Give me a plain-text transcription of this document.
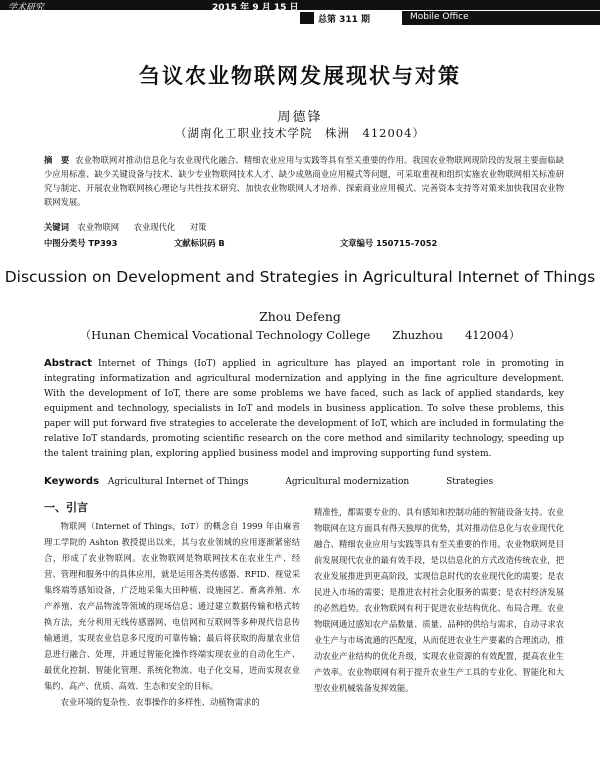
学术研究	2015 年 9 月 15 日
总第 311 期	Mobile Office
刍议农业物联网发展现状与对策
周德锋
（湖南化工职业技术学院　株洲　412004）
摘　要 农业物联网对推动信息化与农业现代化融合、精细农业应用与实践等具有至关重要的作用。我国农业物联网现阶段的发展主要面临缺少应用标准、缺少关键设备与技术、缺少专业物联网技术人才、缺少成熟商业应用模式等问题，可采取重视和组织实施农业物联网相关标准研究与制定、开展农业物联网核心理论与共性技术研究、加快农业物联网人才培养、探索商业应用模式、完善资本支持等对策来加快我国农业物联网发展。
关键词 农业物联网 农业现代化 对策
中图分类号 TP393	文献标识码 B	文章编号 150715-7052
Discussion on Development and Strategies in Agricultural Internet of Things
Zhou Defeng
（Hunan Chemical Vocational Technology College Zhuzhou 412004）
Abstract Internet of Things (IoT) applied in agriculture has played an important role in promoting in integrating informatization and agricultural modernization and applying in the fine agriculture development. With the development of IoT, there are some problems we have faced, such as lack of applied standards, key equipment and technology, specialists in IoT and models in business application. To solve these problems, this paper will put forward five strategies to accelerate the development of IoT, which are included in formulating the relative IoT standards, promoting scientific research on the core method and similarity technology, speeding up the talent training plan, exploring applied business model and improving supporting fund system.
Keywords Agricultural Internet of Things	Agricultural modernization	Strategies
一、引言

物联网（Internet of Things，IoT）的概念自 1999 年由麻省理工学院的 Ashton 教授提出以来，其与农业领域的应用逐渐紧密结合，形成了农业物联网。农业物联网是物联网技术在农业生产、经营、管理和服务中的具体应用，就是运用各类传感器、RFID、视觉采集终端等感知设备，广泛地采集大田种植、设施园艺、畜禽养殖、水产养殖、农产品物流等领域的现场信息；通过建立数据传输和格式转换方法，充分利用无线传感器网、电信网和互联网等多种现代信息传输通道，实现农业信息多尺度的可靠传输；最后将获取的海量农业信息进行融合、处理，并通过智能化操作终端实现农业的自动化生产、最优化控制、智能化管理、系统化物流、电子化交易，进而实现农业集约、高产、优质、高效、生态和安全的目标。

农业环境的复杂性、农事操作的多样性、动植物需求的

精准性，都需要专业的、具有感知和控制功能的智能设备支持。农业物联网在这方面具有得天独厚的优势，其对推动信息化与农业现代化融合、精细农业应用与实践等具有至关重要的作用。农业物联网是目前发展现代农业的最有效手段，是以信息化的方式改造传统农业，把农业发展推进到更高阶段，实现信息时代的农业现代化的需要；是农民进入市场的需要；是推进农村社会化服务的需要；是农村经济发展的必然趋势。农业物联网有利于促进农业结构优化、布局合理。农业物联网通过感知农产品数量、质量、品种的供给与需求，自动寻求农业生产与市场流通的匹配度，从而促进农业生产要素的合理流动，推动农业产业结构的优化升级，实现农业资源的有效配置，提高农业生产效率。农业物联网有利于提升农业生产工具的专业化、智能化和大型农业机械装备发挥效能。
